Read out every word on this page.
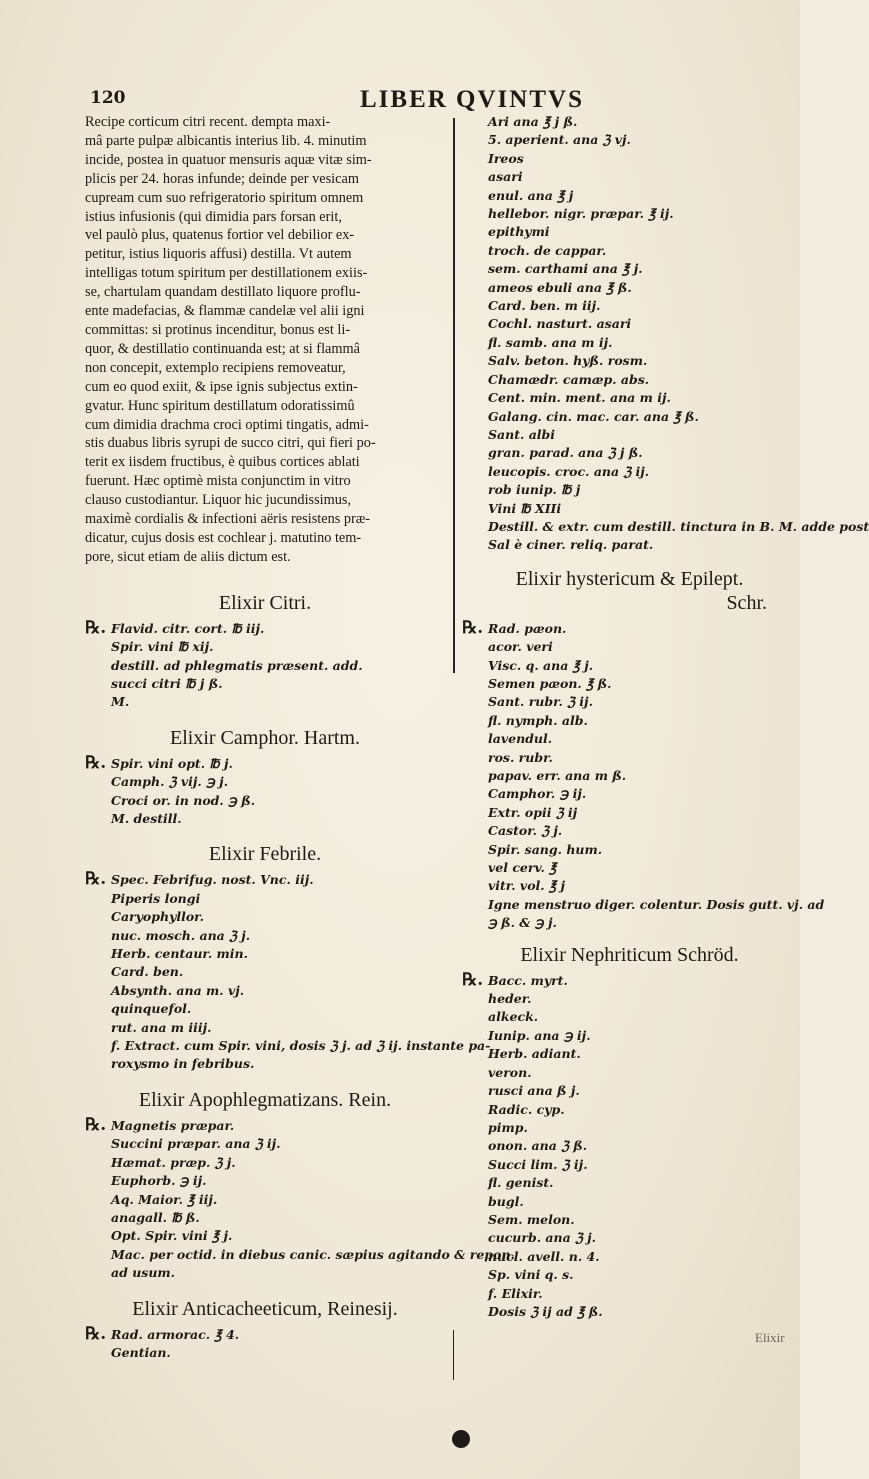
120	LIBER QVINTVS

Recipe corticum citri recent. dempta maxi-
mâ parte pulpæ albicantis interius lib. 4. minutim
incide, postea in quatuor mensuris aquæ vitæ sim-
plicis per 24. horas infunde; deinde per vesicam
cupream cum suo refrigeratorio spiritum omnem
istius infusionis (qui dimidia pars forsan erit,
vel paulò plus, quatenus fortior vel debilior ex-
petitur, istius liquoris affusi) destilla. Vt autem
intelligas totum spiritum per destillationem exiis-
se, chartulam quandam destillato liquore proflu-
ente madefacias, & flammæ candelæ vel alii igni
committas: si protinus incenditur, bonus est li-
quor, & destillatio continuanda est; at si flammâ
non concepit, extemplo recipiens removeatur,
cum eo quod exiit, & ipse ignis subjectus extin-
gvatur. Hunc spiritum destillatum odoratissimû
cum dimidia drachma croci optimi tingatis, admi-
stis duabus libris syrupi de succo citri, qui fieri po-
terit ex iisdem fructibus, è quibus cortices ablati
fuerunt. Hæc optimè mista conjunctim in vitro
clauso custodiantur. Liquor hic jucundissimus,
maximè cordialis & infectioni aëris resistens præ-
dicatur, cujus dosis est cochlear j. matutino tem-
pore, sicut etiam de aliis dictum est.

Elixir Citri.

℞. Flavid. citr. cort. ℔ iij.
Spir. vini ℔ xij.
destill. ad phlegmatis præsent. add.
succi citri ℔ j ß.
M.

Elixir Camphor. Hartm.

℞. Spir. vini opt. ℔ j.
Camph. ℨ vij. ℈ j.
Croci or. in nod. ℈ ß.
M. destill.

Elixir Febrile.

℞. Spec. Febrifug. nost. Vnc. iij.
Piperis longi
Caryophyllor.
nuc. mosch. ana ℨ j.
Herb. centaur. min.
Card. ben.
Absynth. ana m. vj.
quinquefol.
rut. ana m iiij.
f. Extract. cum Spir. vini, dosis ℨ j. ad ℨ ij. instante pa-
roxysmo in febribus.

Elixir Apophlegmatizans. Rein.

℞. Magnetis præpar.
Succini præpar. ana ℨ ij.
Hæmat. præp. ℨ j.
Euphorb. ℈ ij.
Aq. Maior. ℥ iij.
anagall. ℔ ß.
Opt. Spir. vini ℥ j.
Mac. per octid. in diebus canic. sæpius agitando & repon.
ad usum.

Elixir Anticacheeticum, Reinesij.

℞. Rad. armorac. ℥ 4.
Gentian.
Ari ana ℥ j ß.
5. aperient. ana ℨ vj.
Ireos
asari
enul. ana ℥ j
hellebor. nigr. præpar. ℥ ij.
epithymi
troch. de cappar.
sem. carthami ana ℥ j.
ameos ebuli ana ℥ ß.
Card. ben. m iij.
Cochl. nasturt. asari
fl. samb. ana m ij.
Salv. beton. hyß. rosm.
Chamædr. camæp. abs.
Cent. min. ment. ana m ij.
Galang. cin. mac. car. ana ℥ ß.
Sant. albi
gran. parad. ana ℨ j ß.
leucopis. croc. ana ℨ ij.
rob iunip. ℔ j
Vini ℔ XIIi
Destill. & extr. cum destill. tinctura in B. M. adde post
Sal è ciner. reliq. parat.

Elixir hystericum & Epilept.

Schr.

℞. Rad. pæon.
acor. veri
Visc. q. ana ℥ j.
Semen pæon. ℥ ß.
Sant. rubr. ℨ ij.
fl. nymph. alb.
lavendul.
ros. rubr.
papav. err. ana m ß.
Camphor. ℈ ij.
Extr. opii ℨ ij
Castor. ℨ j.
Spir. sang. hum.
vel cerv. ℥
vitr. vol. ℥ j
Igne menstruo diger. colentur. Dosis gutt. vj. ad
℈ ß. & ℈ j.

Elixir Nephriticum Schröd.

℞. Bacc. myrt.
heder.
alkeck.
Iunip. ana ℈ ij.
Herb. adiant.
veron.
rusci ana ß j.
Radic. cyp.
pimp.
onon. ana ℨ ß.
Succi lim. ℨ ij.
fl. genist.
bugl.
Sem. melon.
cucurb. ana ℨ j.
nucl. avell. n. 4.
Sp. vini q. s.
f. Elixir.
Dosis ℨ ij ad ℥ ß.
Elixir
